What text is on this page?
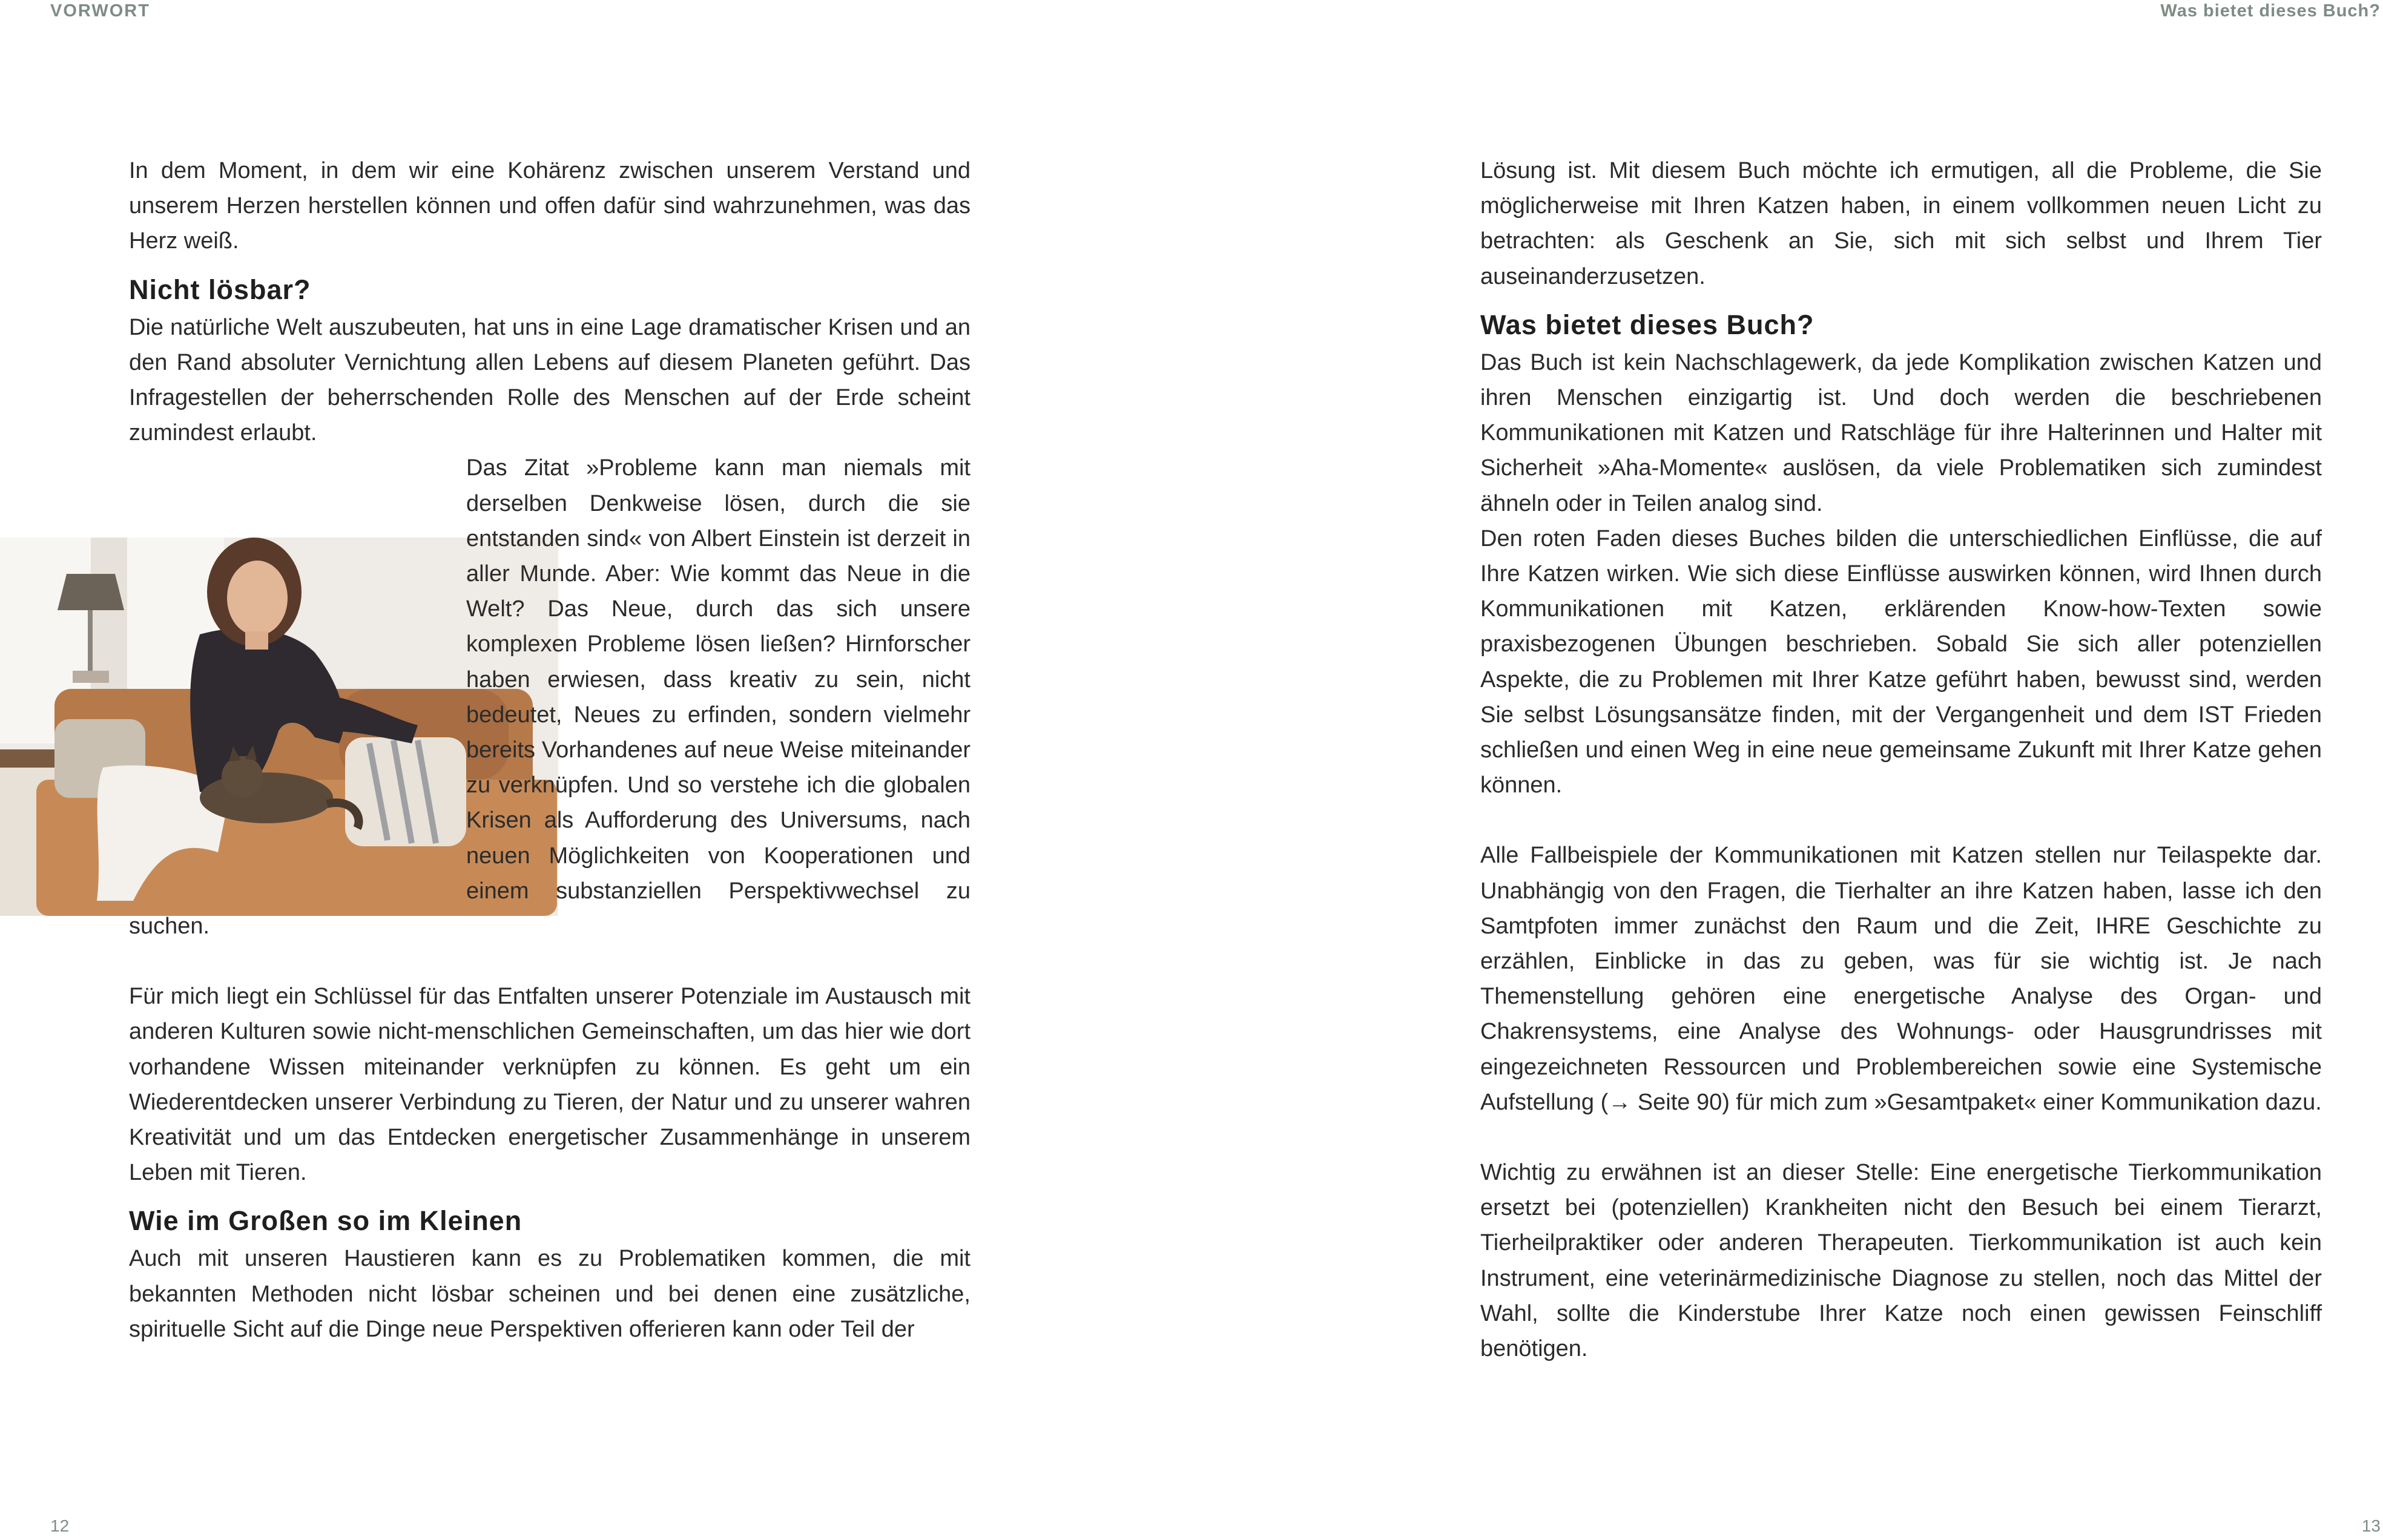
VORWORT	Was bietet dieses Buch?

In dem Moment, in dem wir eine Kohärenz zwischen unserem Verstand und unserem Herzen herstellen können und offen dafür sind wahrzunehmen, was das Herz weiß.

Nicht lösbar?

Die natürliche Welt auszubeuten, hat uns in eine Lage dramatischer Krisen und an den Rand absoluter Vernichtung allen Lebens auf diesem Planeten geführt. Das Infragestellen der beherrschenden Rolle des Menschen auf der Erde scheint zumindest erlaubt.

Das Zitat »Probleme kann man niemals mit derselben Denkweise lösen, durch die sie entstanden sind« von Albert Einstein ist derzeit in aller Munde. Aber: Wie kommt das Neue in die Welt? Das Neue, durch das sich unsere komplexen Probleme lösen ließen? Hirnforscher haben erwiesen, dass kreativ zu sein, nicht bedeutet, Neues zu erfinden, sondern vielmehr bereits Vorhandenes auf neue Weise miteinander zu verknüpfen. Und so verstehe ich die globalen Krisen als Aufforderung des Universums, nach neuen Möglichkeiten von Kooperationen und einem substanziellen Perspektivwechsel zu suchen.

Für mich liegt ein Schlüssel für das Entfalten unserer Potenziale im Austausch mit anderen Kulturen sowie nicht-menschlichen Gemeinschaften, um das hier wie dort vorhandene Wissen miteinander verknüpfen zu können. Es geht um ein Wiederentdecken unserer Verbindung zu Tieren, der Natur und zu unserer wahren Kreativität und um das Entdecken energetischer Zusammenhänge in unserem Leben mit Tieren.

Wie im Großen so im Kleinen

Auch mit unseren Haustieren kann es zu Problematiken kommen, die mit bekannten Methoden nicht lösbar scheinen und bei denen eine zusätzliche, spirituelle Sicht auf die Dinge neue Perspektiven offerieren kann oder Teil der

Lösung ist. Mit diesem Buch möchte ich ermutigen, all die Probleme, die Sie möglicherweise mit Ihren Katzen haben, in einem vollkommen neuen Licht zu betrachten: als Geschenk an Sie, sich mit sich selbst und Ihrem Tier auseinanderzusetzen.

Was bietet dieses Buch?

Das Buch ist kein Nachschlagewerk, da jede Komplikation zwischen Katzen und ihren Menschen einzigartig ist. Und doch werden die beschriebenen Kommunikationen mit Katzen und Ratschläge für ihre Halterinnen und Halter mit Sicherheit »Aha-Momente« auslösen, da viele Problematiken sich zumindest ähneln oder in Teilen analog sind.

Den roten Faden dieses Buches bilden die unterschiedlichen Einflüsse, die auf Ihre Katzen wirken. Wie sich diese Einflüsse auswirken können, wird Ihnen durch Kommunikationen mit Katzen, erklärenden Know-how-Texten sowie praxisbezogenen Übungen beschrieben. Sobald Sie sich aller potenziellen Aspekte, die zu Problemen mit Ihrer Katze geführt haben, bewusst sind, werden Sie selbst Lösungsansätze finden, mit der Vergangenheit und dem IST Frieden schließen und einen Weg in eine neue gemeinsame Zukunft mit Ihrer Katze gehen können.

Alle Fallbeispiele der Kommunikationen mit Katzen stellen nur Teilaspekte dar. Unabhängig von den Fragen, die Tierhalter an ihre Katzen haben, lasse ich den Samtpfoten immer zunächst den Raum und die Zeit, IHRE Geschichte zu erzählen, Einblicke in das zu geben, was für sie wichtig ist. Je nach Themenstellung gehören eine energetische Analyse des Organ- und Chakrensystems, eine Analyse des Wohnungs- oder Hausgrundrisses mit eingezeichneten Ressourcen und Problembereichen sowie eine Systemische Aufstellung (→ Seite 90) für mich zum »Gesamtpaket« einer Kommunikation dazu.

Wichtig zu erwähnen ist an dieser Stelle: Eine energetische Tierkommunikation ersetzt bei (potenziellen) Krankheiten nicht den Besuch bei einem Tierarzt, Tierheilpraktiker oder anderen Therapeuten. Tierkommunikation ist auch kein Instrument, eine veterinärmedizinische Diagnose zu stellen, noch das Mittel der Wahl, sollte die Kinderstube Ihrer Katze noch einen gewissen Feinschliff benötigen.

12	13
